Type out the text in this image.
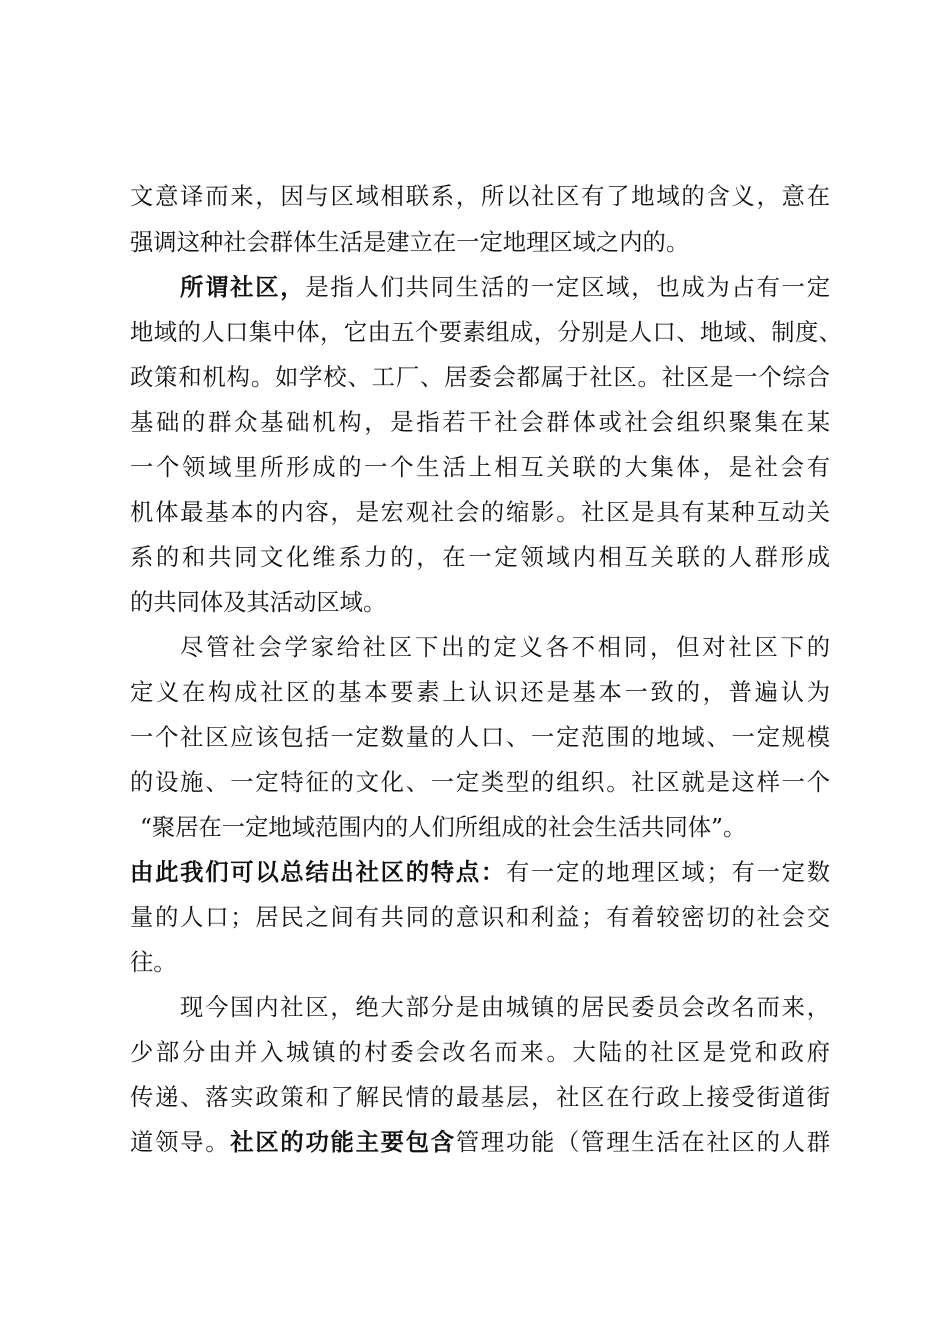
文意译而来，因与区域相联系，所以社区有了地域的含义，意在
强调这种社会群体生活是建立在一定地理区域之内的。
所谓社区，是指人们共同生活的一定区域，也成为占有一定
地域的人口集中体，它由五个要素组成，分别是人口、地域、制度、
政策和机构。如学校、工厂、居委会都属于社区。社区是一个综合
基础的群众基础机构，是指若干社会群体或社会组织聚集在某
一个领域里所形成的一个生活上相互关联的大集体，是社会有
机体最基本的内容，是宏观社会的缩影。社区是具有某种互动关
系的和共同文化维系力的，在一定领域内相互关联的人群形成
的共同体及其活动区域。
尽管社会学家给社区下出的定义各不相同，但对社区下的
定义在构成社区的基本要素上认识还是基本一致的，普遍认为
一个社区应该包括一定数量的人口、一定范围的地域、一定规模
的设施、一定特征的文化、一定类型的组织。社区就是这样一个
“聚居在一定地域范围内的人们所组成的社会生活共同体”。
由此我们可以总结出社区的特点：有一定的地理区域；有一定数
量的人口；居民之间有共同的意识和利益；有着较密切的社会交
往。
现今国内社区，绝大部分是由城镇的居民委员会改名而来，
少部分由并入城镇的村委会改名而来。大陆的社区是党和政府
传递、落实政策和了解民情的最基层，社区在行政上接受街道街
道领导。社区的功能主要包含管理功能（管理生活在社区的人群
